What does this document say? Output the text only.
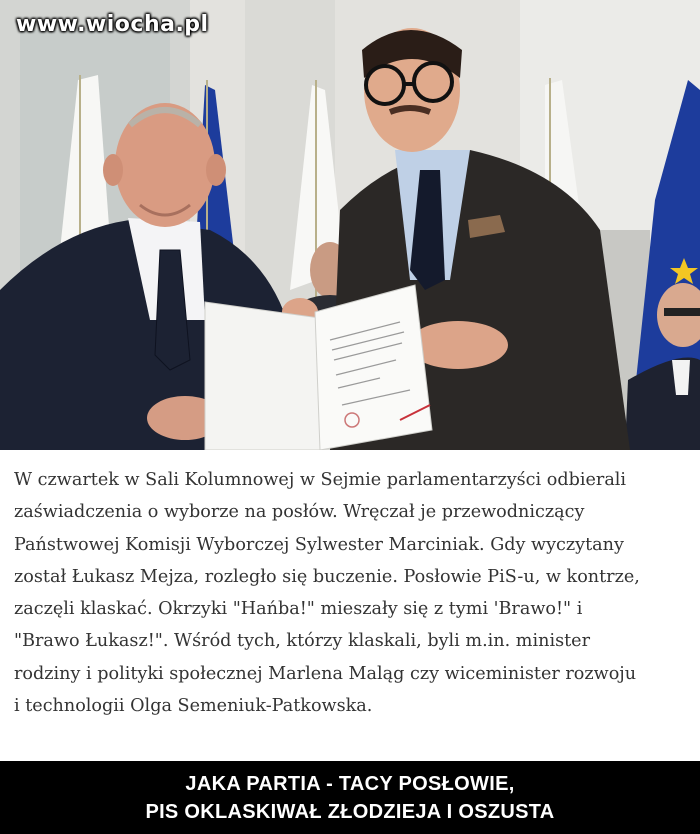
www.wiocha.pl

W czwartek w Sali Kolumnowej w Sejmie parlamentarzyści odbierali

zaświadczenia o wyborze na posłów. Wręczał je przewodniczący

Państwowej Komisji Wyborczej Sylwester Marciniak. Gdy wyczytany

został Łukasz Mejza, rozległo się buczenie. Posłowie PiS-u, w kontrze,

zaczęli klaskać. Okrzyki "Hańba!" mieszały się z tymi 'Brawo!" i

"Brawo Łukasz!". Wśród tych, którzy klaskali, byli m.in. minister

rodziny i polityki społecznej Marlena Maląg czy wiceminister rozwoju

i technologii Olga Semeniuk-Patkowska.

JAKA PARTIA - TACY POSŁOWIE,
PIS OKLASKIWAŁ ZŁODZIEJA I OSZUSTA
